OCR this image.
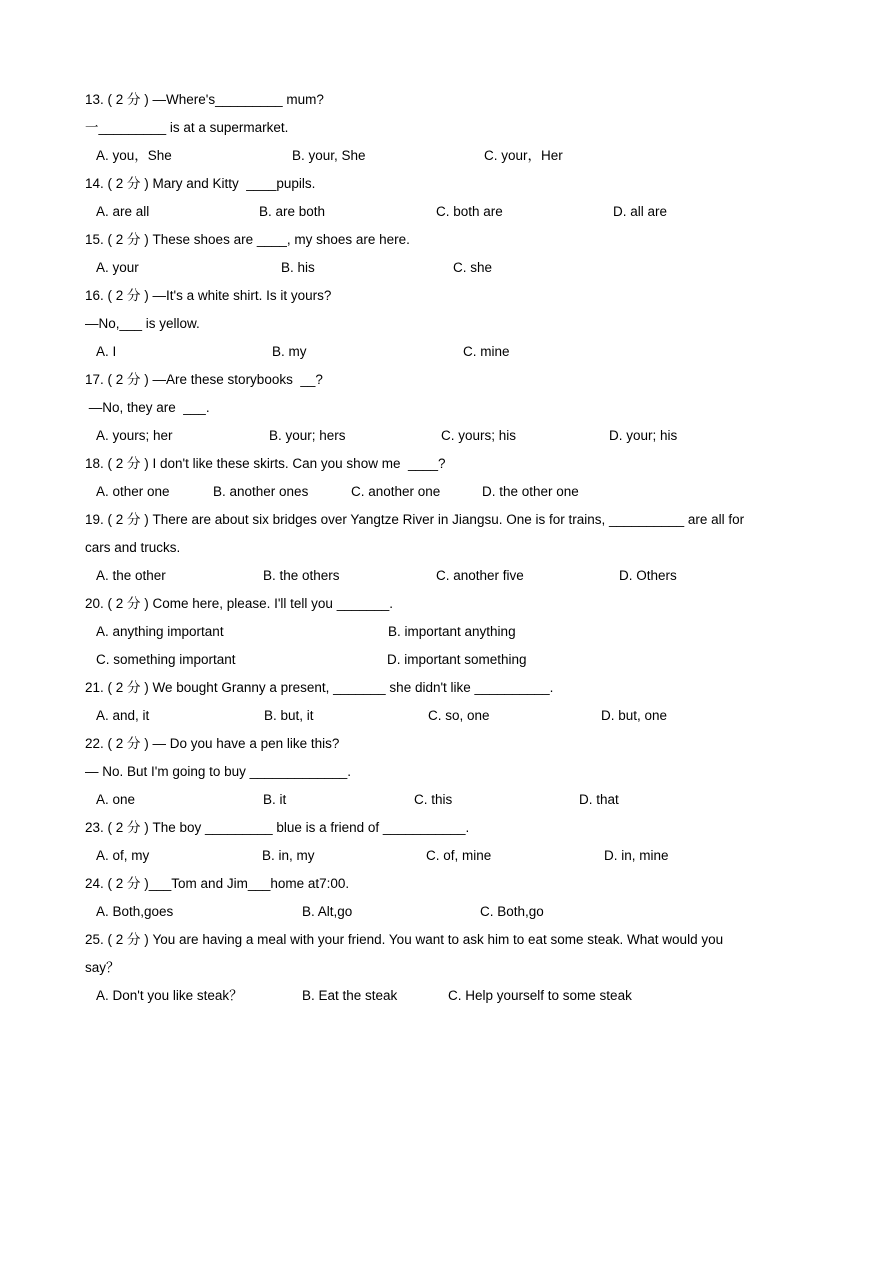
13. ( 2 分 ) —Where's_________ mum?
一_________ is at a supermarket.
A. you，She	B. your, She	C. your，Her
14. ( 2 分 ) Mary and Kitty  ____pupils.
A. are all	B. are both	C. both are	D. all are
15. ( 2 分 ) These shoes are ____, my shoes are here.
A. your	B. his	C. she
16. ( 2 分 ) —It's a white shirt. Is it yours?
—No,___ is yellow.
A. I	B. my	C. mine
17. ( 2 分 ) —Are these storybooks  __?
—No, they are  ___.
A. yours; her	B. your; hers	C. yours; his	D. your; his
18. ( 2 分 ) I don't like these skirts. Can you show me  ____?
A. other one	B. another ones	C. another one	D. the other one
19. ( 2 分 ) There are about six bridges over Yangtze River in Jiangsu. One is for trains, __________ are all for
cars and trucks.
A. the other	B. the others	C. another five	D. Others
20. ( 2 分 ) Come here, please. I'll tell you _______.
A. anything important	B. important anything
C. something important	D. important something
21. ( 2 分 ) We bought Granny a present, _______ she didn't like __________.
A. and, it	B. but, it	C. so, one	D. but, one
22. ( 2 分 ) — Do you have a pen like this?
— No. But I'm going to buy _____________.
A. one	B. it	C. this	D. that
23. ( 2 分 ) The boy _________ blue is a friend of ___________.
A. of, my	B. in, my	C. of, mine	D. in, mine
24. ( 2 分 )___Tom and Jim___home at7:00.
A. Both,goes	B. Alt,go	C. Both,go
25. ( 2 分 ) You are having a meal with your friend. You want to ask him to eat some steak. What would you
say？
A. Don't you like steak？	B. Eat the steak	C. Help yourself to some steak
